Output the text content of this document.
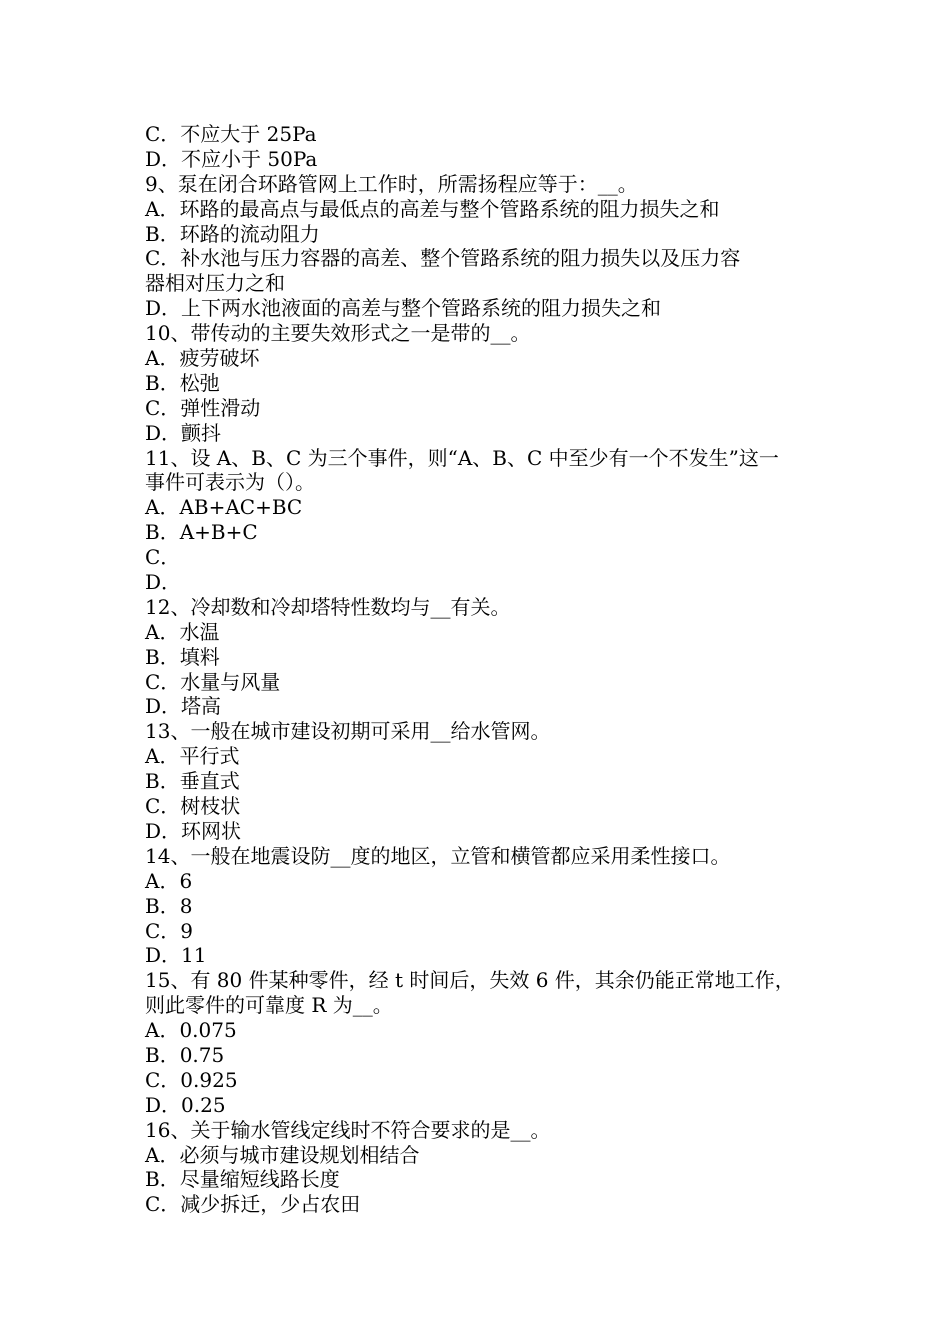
C．不应大于 25Pa
D．不应小于 50Pa
9、泵在闭合环路管网上工作时，所需扬程应等于：__。
A．环路的最高点与最低点的高差与整个管路系统的阻力损失之和
B．环路的流动阻力
C．补水池与压力容器的高差、整个管路系统的阻力损失以及压力容
器相对压力之和
D．上下两水池液面的高差与整个管路系统的阻力损失之和
10、带传动的主要失效形式之一是带的__。
A．疲劳破坏
B．松弛
C．弹性滑动
D．颤抖
11、设 A、B、C 为三个事件，则“A、B、C 中至少有一个不发生”这一
事件可表示为（）。
A．AB+AC+BC
B．A+B+C
C．
D．
12、冷却数和冷却塔特性数均与__有关。
A．水温
B．填料
C．水量与风量
D．塔高
13、一般在城市建设初期可采用__给水管网。
A．平行式
B．垂直式
C．树枝状
D．环网状
14、一般在地震设防__度的地区，立管和横管都应采用柔性接口。
A．6
B．8
C．9
D．11
15、有 80 件某种零件，经 t 时间后，失效 6 件，其余仍能正常地工作，
则此零件的可靠度 R 为__。
A．0.075
B．0.75
C．0.925
D．0.25
16、关于输水管线定线时不符合要求的是__。
A．必须与城市建设规划相结合
B．尽量缩短线路长度
C．减少拆迁，少占农田
